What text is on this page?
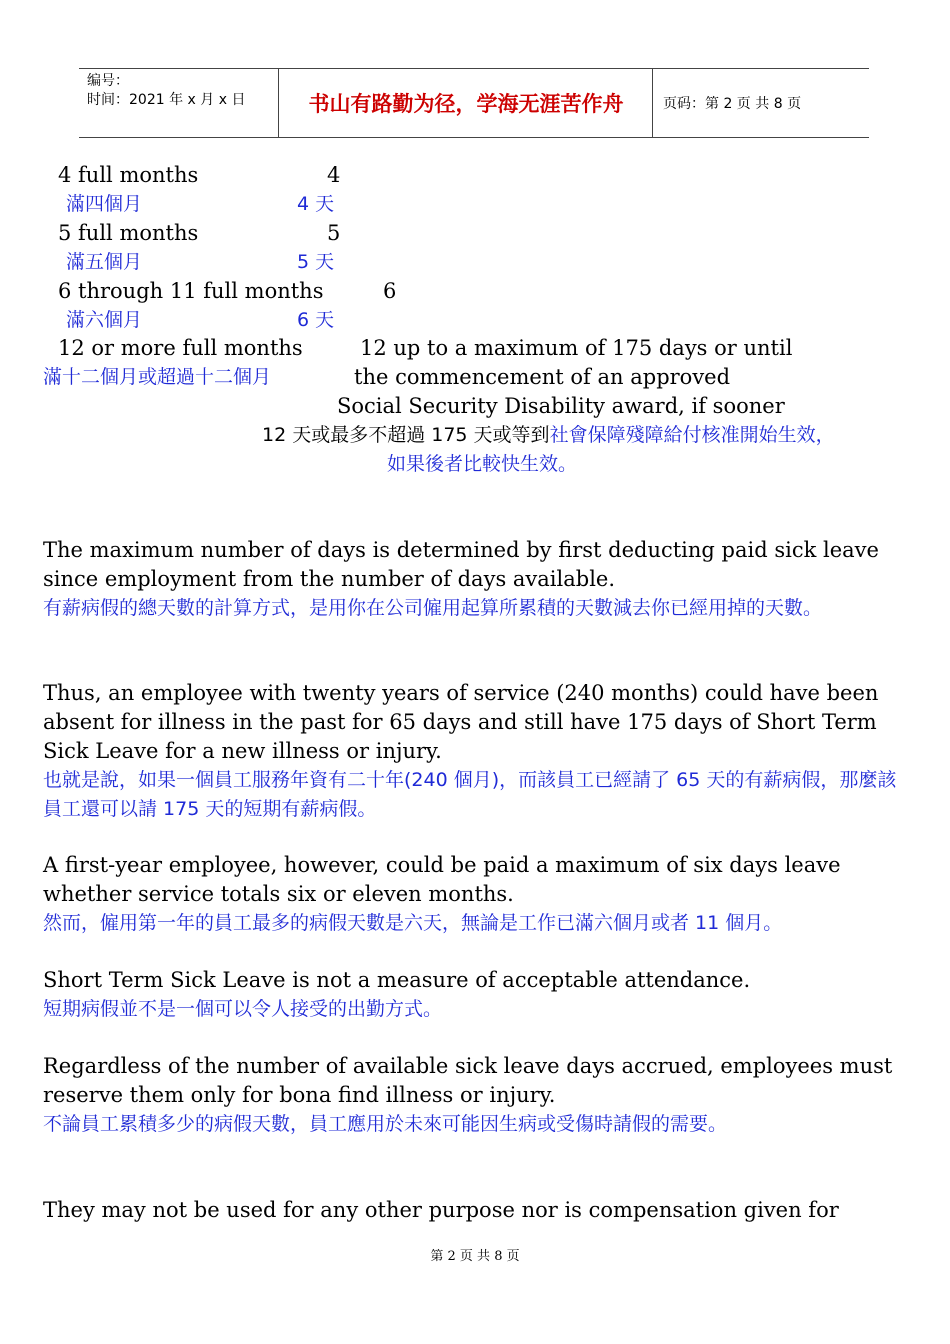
编号：
时间：2021 年 x 月 x 日	书山有路勤为径，学海无涯苦作舟	页码：第 2 页 共 8 页
4 full months	4
滿四個月	4 天
5 full months	5
滿五個月	5 天
6 through 11 full months	6
滿六個月	6 天
12 or more full months	12 up to a maximum of 175 days or until
滿十二個月或超過十二個月	the commencement of an approved
Social Security Disability award, if sooner
12 天或最多不超過 175 天或等到社會保障殘障給付核准開始生效，
如果後者比較快生效。
The maximum number of days is determined by first deducting paid sick leave since employment from the number of days available.
有薪病假的總天數的計算方式，是用你在公司僱用起算所累積的天數減去你已經用掉的天數。
Thus, an employee with twenty years of service (240 months) could have been absent for illness in the past for 65 days and still have 175 days of Short Term Sick Leave for a new illness or injury.
也就是說，如果一個員工服務年資有二十年(240 個月)，而該員工已經請了 65 天的有薪病假，那麼該員工還可以請 175 天的短期有薪病假。
A first-year employee, however, could be paid a maximum of six days leave whether service totals six or eleven months.
然而，僱用第一年的員工最多的病假天數是六天，無論是工作已滿六個月或者 11 個月。
Short Term Sick Leave is not a measure of acceptable attendance.
短期病假並不是一個可以令人接受的出勤方式。
Regardless of the number of available sick leave days accrued, employees must reserve them only for bona find illness or injury.
不論員工累積多少的病假天數，員工應用於未來可能因生病或受傷時請假的需要。
They may not be used for any other purpose nor is compensation given for
第 2 页 共 8 页
